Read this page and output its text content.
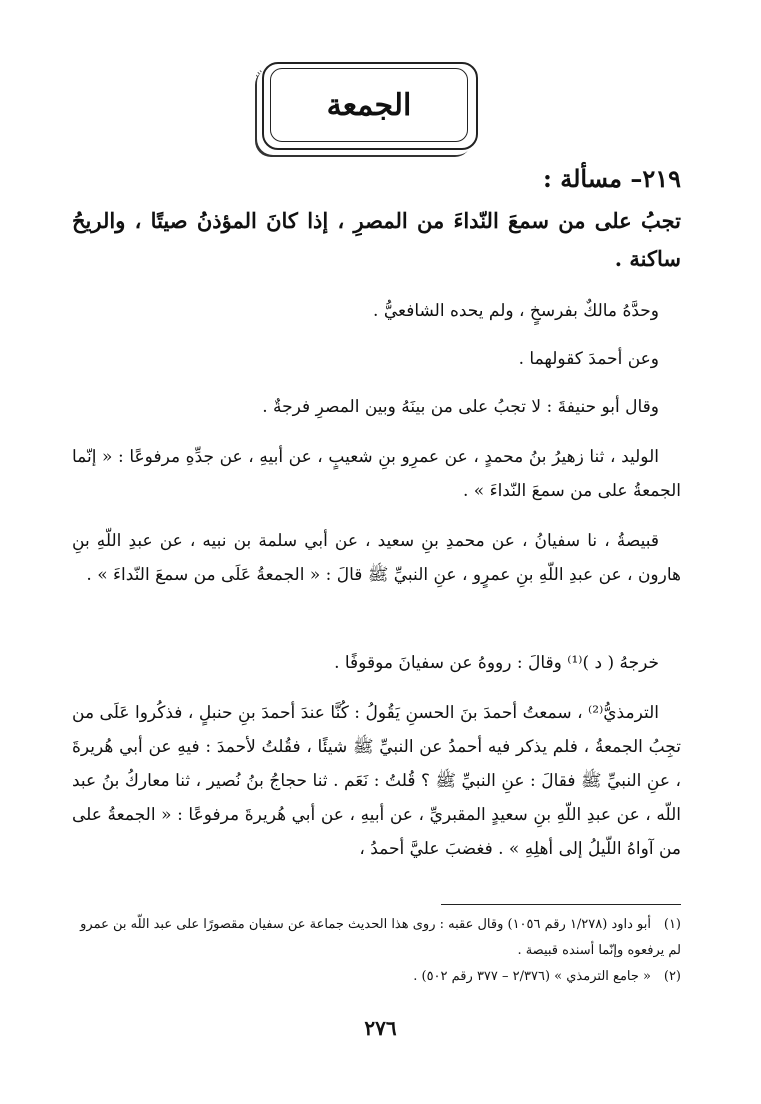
الجمعة
٢١٩– مسألة :
تجبُ على من سمعَ النّداءَ من المصرِ ، إذا كانَ المؤذنُ صيتًا ، والريحُ ساكنة .
وحدَّهُ مالكٌ بفرسخٍ ، ولم يحده الشافعيُّ .
وعن أحمدَ كقولهما .
وقال أبو حنيفةَ : لا تجبُ على من بينَهُ وبين المصرِ فرجةٌ .
الوليد ، ثنا زهيرُ بنُ محمدٍ ، عن عمرِو بنِ شعيبٍ ، عن أبيهِ ، عن جدِّهِ مرفوعًا : « إنّما الجمعةُ على من سمعَ النّداءَ » .
قبيصةُ ، نا سفيانُ ، عن محمدِ بنِ سعيد ، عن أبي سلمة بن نبيه ، عن عبدِ اللّهِ بنِ هارون ، عن عبدِ اللّهِ بنِ عمرٍو ، عنِ النبيِّ ﷺ قالَ : « الجمعةُ عَلَى من سمعَ النّداءَ » .
خرجهُ ( د )⁽¹⁾ وقالَ : رووهُ عن سفيانَ موقوفًا .
الترمذيُّ⁽²⁾ ، سمعتُ أحمدَ بنَ الحسنِ يَقُولُ : كُنَّا عندَ أحمدَ بنِ حنبلٍ ، فذكُروا عَلَى من تجِبُ الجمعةُ ، فلم يذكر فيه أحمدُ عن النبيِّ ﷺ شيئًا ، فقُلتُ لأحمدَ : فيهِ عن أبي هُريرةَ ، عنِ النبيِّ ﷺ فقالَ : عنِ النبيِّ ﷺ ؟ قُلتُ : نَعَم . ثنا حجاجُ بنُ نُصير ، ثنا معاركُ بنُ عبد اللّه ، عن عبدِ اللّهِ بنِ سعيدٍ المقبريِّ ، عن أبيهِ ، عن أبي هُريرةَ مرفوعًا : « الجمعةُ على من آواهُ اللّيلُ إلى أهلِهِ » . فغضبَ عليَّ أحمدُ ،
(١)أبو داود (١/٢٧٨ رقم ١٠٥٦) وقال عقبه : روى هذا الحديث جماعة عن سفيان مقصورًا على عبد اللّه بن عمرو لم يرفعوه وإنّما أسنده قبيصة .
(٢)« جامع الترمذي » (٢/٣٧٦ – ٣٧٧ رقم ٥٠٢) .
٢٧٦
